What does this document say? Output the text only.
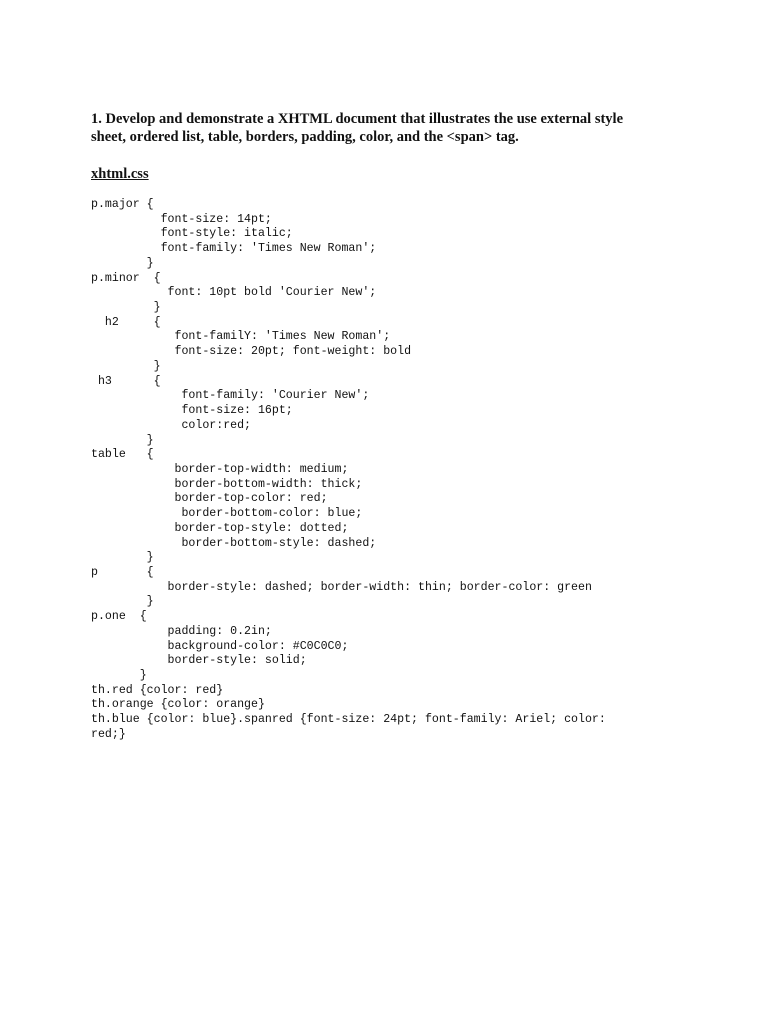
1. Develop and demonstrate a XHTML document that illustrates the use external style sheet, ordered list, table, borders, padding, color, and the <span> tag.

xhtml.css

p.major {
font-size: 14pt;
font-style: italic;
font-family: 'Times New Roman';
}
p.minor  {
font: 10pt bold 'Courier New';
}
h2     {
font-familY: 'Times New Roman';
font-size: 20pt; font-weight: bold
}
h3      {
font-family: 'Courier New';
font-size: 16pt;
color:red;
}
table   {
border-top-width: medium;
border-bottom-width: thick;
border-top-color: red;
border-bottom-color: blue;
border-top-style: dotted;
border-bottom-style: dashed;
}
p       {
border-style: dashed; border-width: thin; border-color: green
}
p.one  {
padding: 0.2in;
background-color: #C0C0C0;
border-style: solid;
}
th.red {color: red}
th.orange {color: orange}
th.blue {color: blue}.spanred {font-size: 24pt; font-family: Ariel; color:
red;}
